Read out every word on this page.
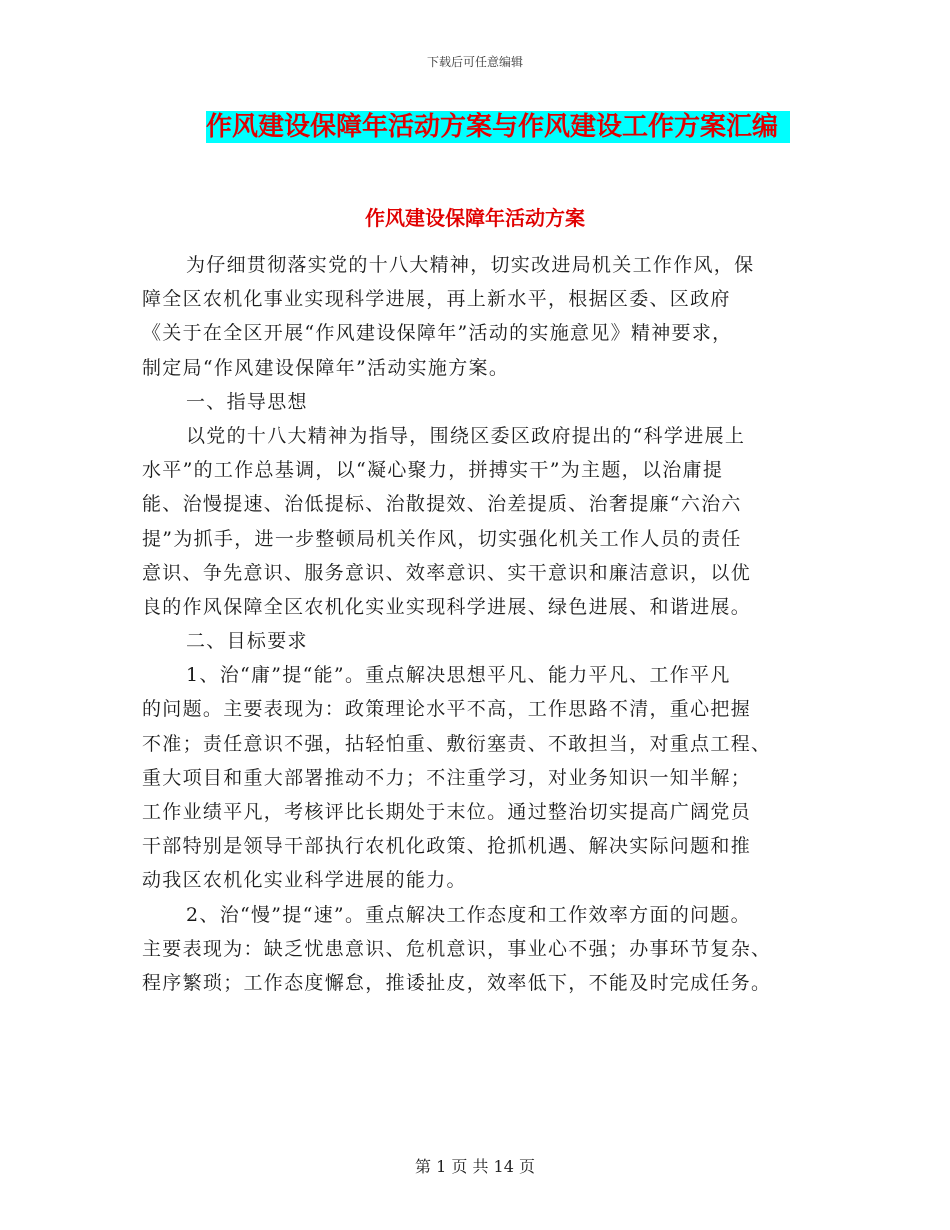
下载后可任意编辑
作风建设保障年活动方案与作风建设工作方案汇编
作风建设保障年活动方案
为仔细贯彻落实党的十八大精神，切实改进局机关工作作风，保
障全区农机化事业实现科学进展，再上新水平，根据区委、区政府
《关于在全区开展“作风建设保障年”活动的实施意见》精神要求，
制定局“作风建设保障年”活动实施方案。
一、指导思想
以党的十八大精神为指导，围绕区委区政府提出的“科学进展上
水平”的工作总基调，以“凝心聚力，拼搏实干”为主题，以治庸提
能、治慢提速、治低提标、治散提效、治差提质、治奢提廉“六治六
提”为抓手，进一步整顿局机关作风，切实强化机关工作人员的责任
意识、争先意识、服务意识、效率意识、实干意识和廉洁意识，以优
良的作风保障全区农机化实业实现科学进展、绿色进展、和谐进展。
二、目标要求
1、治“庸”提“能”。重点解决思想平凡、能力平凡、工作平凡
的问题。主要表现为：政策理论水平不高，工作思路不清，重心把握
不准；责任意识不强，拈轻怕重、敷衍塞责、不敢担当，对重点工程、
重大项目和重大部署推动不力；不注重学习，对业务知识一知半解；
工作业绩平凡，考核评比长期处于末位。通过整治切实提高广阔党员
干部特别是领导干部执行农机化政策、抢抓机遇、解决实际问题和推
动我区农机化实业科学进展的能力。
2、治“慢”提“速”。重点解决工作态度和工作效率方面的问题。
主要表现为：缺乏忧患意识、危机意识，事业心不强；办事环节复杂、
程序繁琐；工作态度懈怠，推诿扯皮，效率低下，不能及时完成任务。
第 1 页 共 14 页
